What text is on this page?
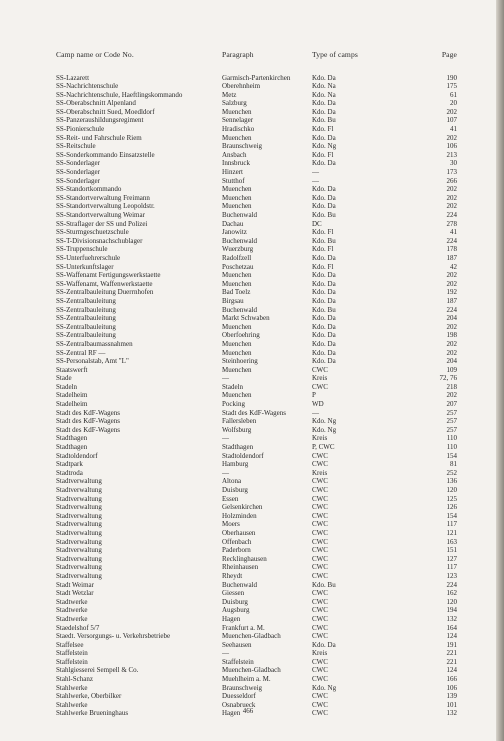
Camp name or Code No.	Paragraph	Type of camps	Page
SS-Lazarett	Garmisch-Partenkirchen	Kdo. Da	190
SS-Nachrichtenschule	Oberehnheim	Kdo. Na	175
SS-Nachrichtenschule, Haeftlingskommando	Metz	Kdo. Na	61
SS-Oberabschnitt Alpenland	Salzburg	Kdo. Da	20
SS-Oberabschnitt Sued, Moedldorf	Muenchen	Kdo. Da	202
SS-Panzeraushildungsregiment	Sennelager	Kdo. Bu	107
SS-Pionierschule	Hradischko	Kdo. Fl	41
SS-Reit- und Fahrschule Riem	Muenchen	Kdo. Da	202
SS-Reitschule	Braunschweig	Kdo. Ng	106
SS-Sonderkommando Einsatzstelle	Ansbach	Kdo. Fl	213
SS-Sonderlager	Innsbruck	Kdo. Da	30
SS-Sonderlager	Hinzert	—	173
SS-Sonderlager	Stutthof	—	266
SS-Standortkommando	Muenchen	Kdo. Da	202
SS-Standortverwaltung Freimann	Muenchen	Kdo. Da	202
SS-Standortverwaltung Leopoldstr.	Muenchen	Kdo. Da	202
SS-Standortverwaltung Weimar	Buchenwald	Kdo. Bu	224
SS-Straflager der SS und Polizei	Dachau	DC	278
SS-Sturmgeschuetzschule	Janowitz	Kdo. Fl	41
SS-T-Divisionsnachschublager	Buchenwald	Kdo. Bu	224
SS-Truppenschule	Wuerzburg	Kdo. Fl	178
SS-Unterfuehrerschule	Radolfzell	Kdo. Da	187
SS-Unterkunftslager	Poschetzau	Kdo. Fl	42
SS-Waffenamt Fertigungswerkstaette	Muenchen	Kdo. Da	202
SS-Waffenamt, Waffenwerkstaette	Muenchen	Kdo. Da	202
SS-Zentralbauleitung Duerrnhofen	Bad Toelz	Kdo. Da	192
SS-Zentralbauleitung	Birgsau	Kdo. Da	187
SS-Zentralbauleitung	Buchenwald	Kdo. Bu	224
SS-Zentralbauleitung	Markt Schwaben	Kdo. Da	204
SS-Zentralbauleitung	Muenchen	Kdo. Da	202
SS-Zentralbauleitung	Oberfoehring	Kdo. Da	198
SS-Zentralbaumassnahmen	Muenchen	Kdo. Da	202
SS-Zentral RF —	Muenchen	Kdo. Da	202
SS-Personalstab, Amt "L"	Steinhoering	Kdo. Da	204
Staatswerft	Muenchen	CWC	109
Stade	—	Kreis	72, 76
Stadeln	Stadeln	CWC	218
Stadelheim	Muenchen	P	202
Stadelheim	Pocking	WD	207
Stadt des KdF-Wagens	Stadt des KdF-Wagens	—	257
Stadt des KdF-Wagens	Fallersleben	Kdo. Ng	257
Stadt des KdF-Wagens	Wolfsburg	Kdo. Ng	257
Stadthagen	—	Kreis	110
Stadthagen	Stadthagen	P, CWC	110
Stadtoldendorf	Stadtoldendorf	CWC	154
Stadtpark	Hamburg	CWC	81
Stadtroda	—	Kreis	252
Stadtverwaltung	Altona	CWC	136
Stadtverwaltung	Duisburg	CWC	120
Stadtverwaltung	Essen	CWC	125
Stadtverwaltung	Gelsenkirchen	CWC	126
Stadtverwaltung	Holzminden	CWC	154
Stadtverwaltung	Moers	CWC	117
Stadtverwaltung	Oberhausen	CWC	121
Stadtverwaltung	Offenbach	CWC	163
Stadtverwaltung	Paderborn	CWC	151
Stadtverwaltung	Recklinghausen	CWC	127
Stadtverwaltung	Rheinhausen	CWC	117
Stadtverwaltung	Rheydt	CWC	123
Stadt Weimar	Buchenwald	Kdo. Bu	224
Stadt Wetzlar	Giessen	CWC	162
Stadtwerke	Duisburg	CWC	120
Stadtwerke	Augsburg	CWC	194
Stadtwerke	Hagen	CWC	132
Staedelshof 5/7	Frankfurt a. M.	CWC	164
Staedt. Versorgungs- u. Verkehrsbetriebe	Muenchen-Gladbach	CWC	124
Staffelsee	Seehausen	Kdo. Da	191
Staffelstein	—	Kreis	221
Staffelstein	Staffelstein	CWC	221
Stahlgiesserei Sempell & Co.	Muenchen-Gladbach	CWC	124
Stahl-Schanz	Muehlheim a. M.	CWC	166
Stahlwerke	Braunschweig	Kdo. Ng	106
Stahlwerke, Oberbilker	Duesseldorf	CWC	139
Stahlwerke	Osnabrueck	CWC	101
Stahlwerke Brueninghaus	Hagen	CWC	132
466
